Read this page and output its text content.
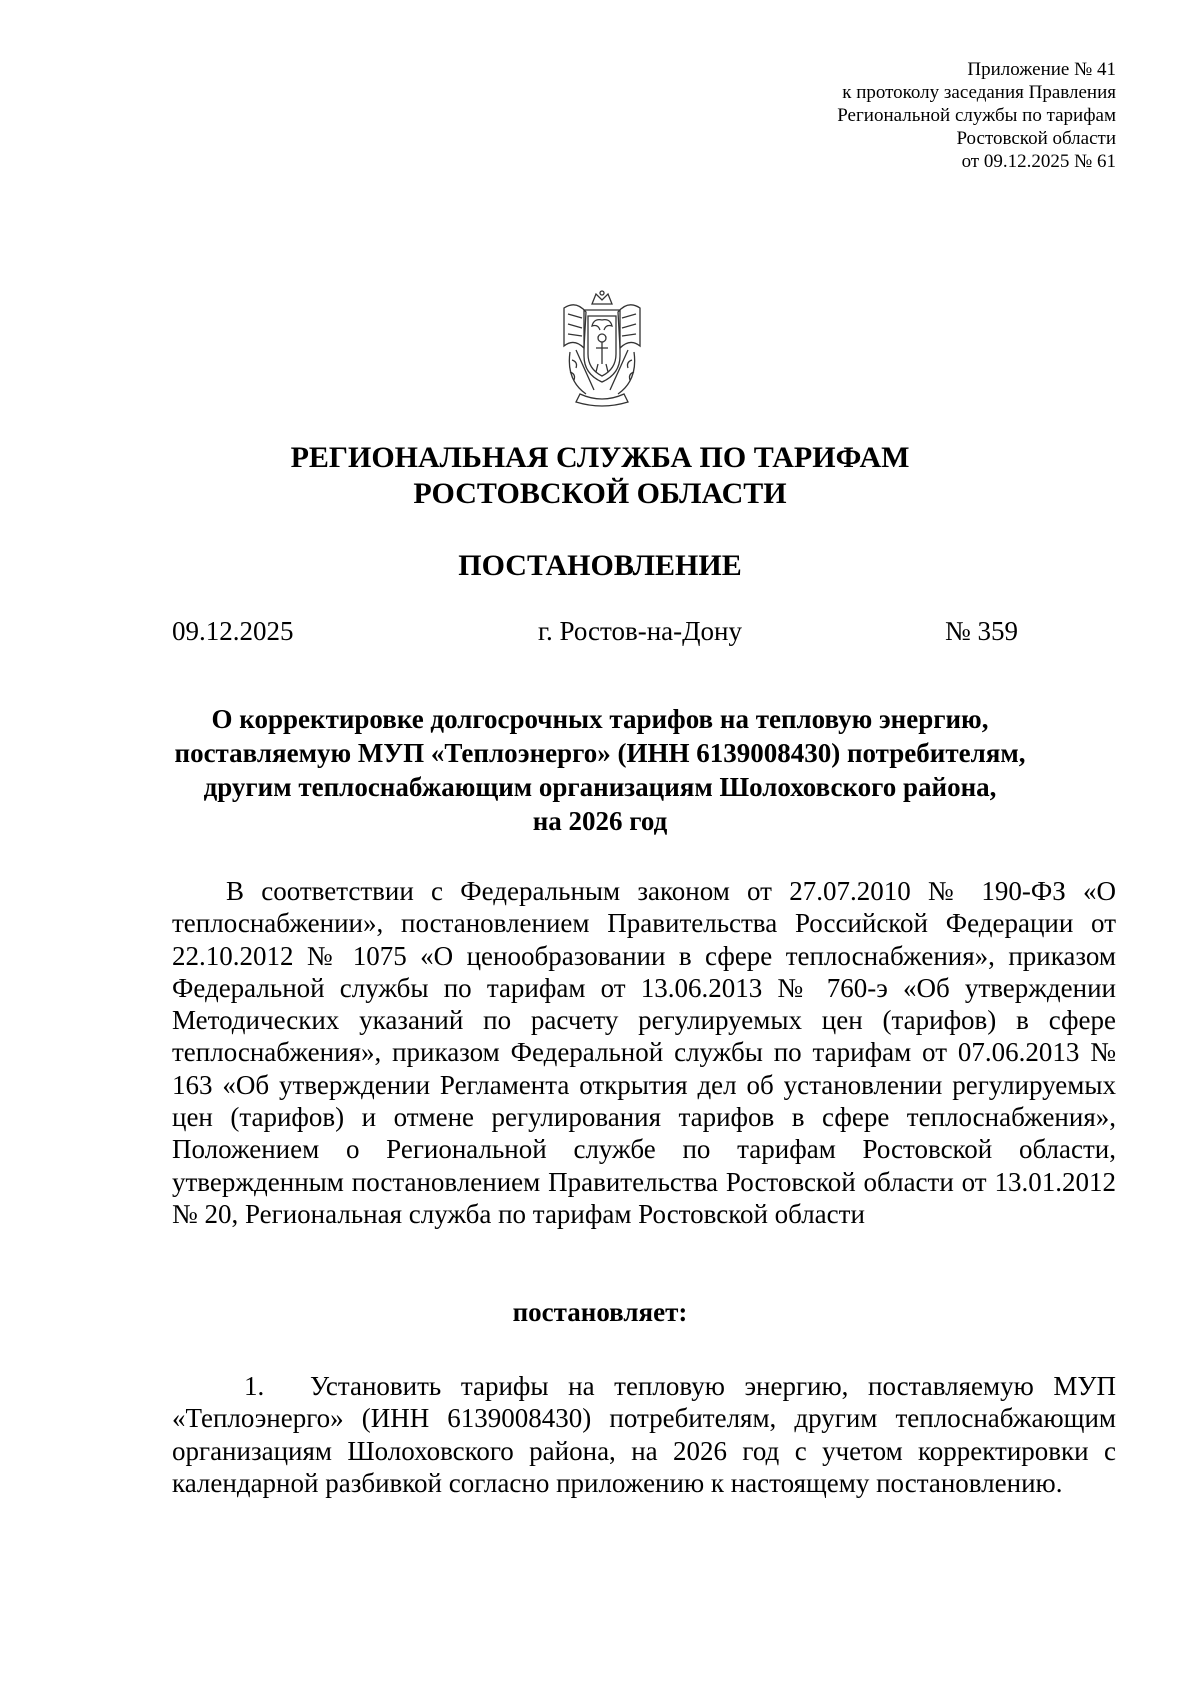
Приложение № 41
к протоколу заседания Правления
Региональной службы по тарифам
Ростовской области
от 09.12.2025 № 61
РЕГИОНАЛЬНАЯ СЛУЖБА ПО ТАРИФАМ
РОСТОВСКОЙ ОБЛАСТИ
ПОСТАНОВЛЕНИЕ
09.12.2025	г. Ростов-на-Дону	№ 359
О корректировке долгосрочных тарифов на тепловую энергию,
поставляемую МУП «Теплоэнерго» (ИНН 6139008430) потребителям,
другим теплоснабжающим организациям Шолоховского района,
на 2026 год
В соответствии с Федеральным законом от 27.07.2010 № 190-ФЗ «О теплоснабжении», постановлением Правительства Российской Федерации от 22.10.2012 № 1075 «О ценообразовании в сфере теплоснабжения», приказом Федеральной службы по тарифам от 13.06.2013 № 760-э «Об утверждении Методических указаний по расчету регулируемых цен (тарифов) в сфере теплоснабжения», приказом Федеральной службы по тарифам от 07.06.2013 № 163 «Об утверждении Регламента открытия дел об установлении регулируемых цен (тарифов) и отмене регулирования тарифов в сфере теплоснабжения», Положением о Региональной службе по тарифам Ростовской области, утвержденным постановлением Правительства Ростовской области от 13.01.2012 № 20, Региональная служба по тарифам Ростовской области
постановляет:
1. Установить тарифы на тепловую энергию, поставляемую МУП «Теплоэнерго» (ИНН 6139008430) потребителям, другим теплоснабжающим организациям Шолоховского района, на 2026 год с учетом корректировки с календарной разбивкой согласно приложению к настоящему постановлению.
